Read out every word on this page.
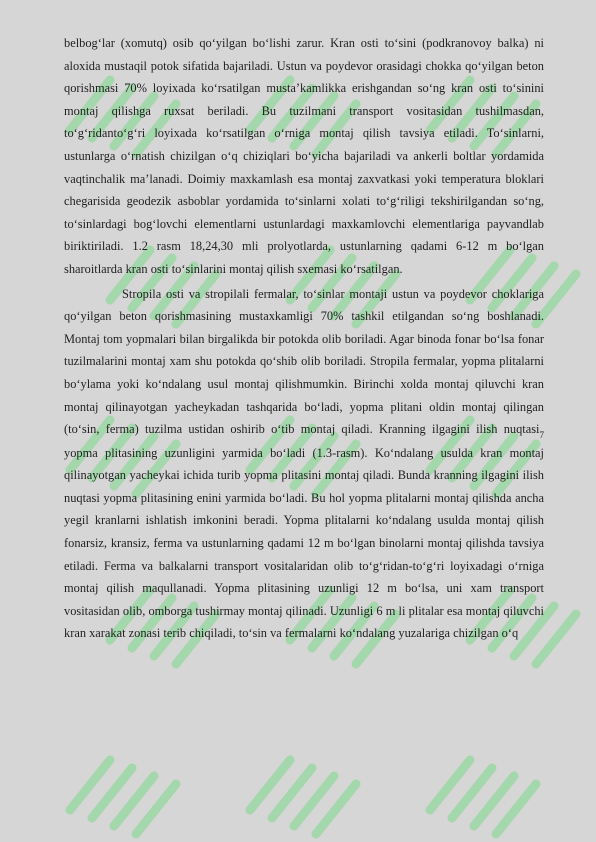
belbog‘lar (xomutq) osib qo‘yilgan bo‘lishi zarur. Kran osti to‘sini (podkranovoy balka) ni aloxida mustaqil potok sifatida bajariladi. Ustun va poydevor orasidagi chokka qo‘yilgan beton qorishmasi 70% loyixada ko‘rsatilgan musta’kamlikka erishgandan so‘ng kran osti to‘sinini montaj qilishga ruxsat beriladi. Bu tuzilmani transport vositasidan tushilmasdan, to‘g‘ridanto‘g‘ri loyixada ko‘rsatilgan o‘rniga montaj qilish tavsiya etiladi. To‘sinlarni, ustunlarga o‘rnatish chizilgan o‘q chiziqlari bo‘yicha bajariladi va ankerli boltlar yordamida vaqtinchalik ma’lanadi. Doimiy maxkamlash esa montaj zaxvatkasi yoki temperatura bloklari chegarisida geodezik asboblar yordamida to‘sinlarni xolati to‘g‘riligi tekshirilgandan so‘ng, to‘sinlardagi bog‘lovchi elementlarni ustunlardagi maxkamlovchi elementlariga payvandlab biriktiriladi. 1.2 rasm 18,24,30 mli prolyotlarda, ustunlarning qadami 6-12 m bo‘lgan sharoitlarda kran osti to‘sinlarini montaj qilish sxemasi ko‘rsatilgan.

Stropila osti va stropilali fermalar, to‘sinlar montaji ustun va poydevor choklariga qo‘yilgan beton qorishmasining mustaxkamligi 70% tashkil etilgandan so‘ng boshlanadi. Montaj tom yopmalari bilan birgalikda bir potokda olib boriladi. Agar binoda fonar bo‘lsa fonar tuzilmalarini montaj xam shu potokda qo‘shib olib boriladi. Stropila fermalar, yopma plitalarni bo‘ylama yoki ko‘ndalang usul montaj qilishmumkin. Birinchi xolda montaj qiluvchi kran montaj qilinayotgan yacheykadan tashqarida bo‘ladi, yopma plitani oldin montaj qilingan (to‘sin, ferma) tuzilma ustidan oshirib o‘tib montaj qiladi. Kranning ilgagini ilish nuqtasi$_7$ yopma plitasining uzunligini yarmida bo‘ladi (1.3-rasm). Ko‘ndalang usulda kran montaj qilinayotgan yacheykai ichida turib yopma plitasini montaj qiladi. Bunda kranning ilgagini ilish nuqtasi yopma plitasining enini yarmida bo‘ladi. Bu hol yopma plitalarni montaj qilishda ancha yegil kranlarni ishlatish imkonini beradi. Yopma plitalarni ko‘ndalang usulda montaj qilish fonarsiz, kransiz, ferma va ustunlarning qadami 12 m bo‘lgan binolarni montaj qilishda tavsiya etiladi. Ferma va balkalarni transport vositalaridan olib to‘g‘ridan-to‘g‘ri loyixadagi o‘rniga montaj qilish maqullanadi. Yopma plitasining uzunligi 12 m bo‘lsa, uni xam transport vositasidan olib, omborga tushirmay montaj qilinadi. Uzunligi 6 m li plitalar esa montaj qiluvchi kran xarakat zonasi terib chiqiladi, to‘sin va fermalarni ko‘ndalang yuzalariga chizilgan o‘q
